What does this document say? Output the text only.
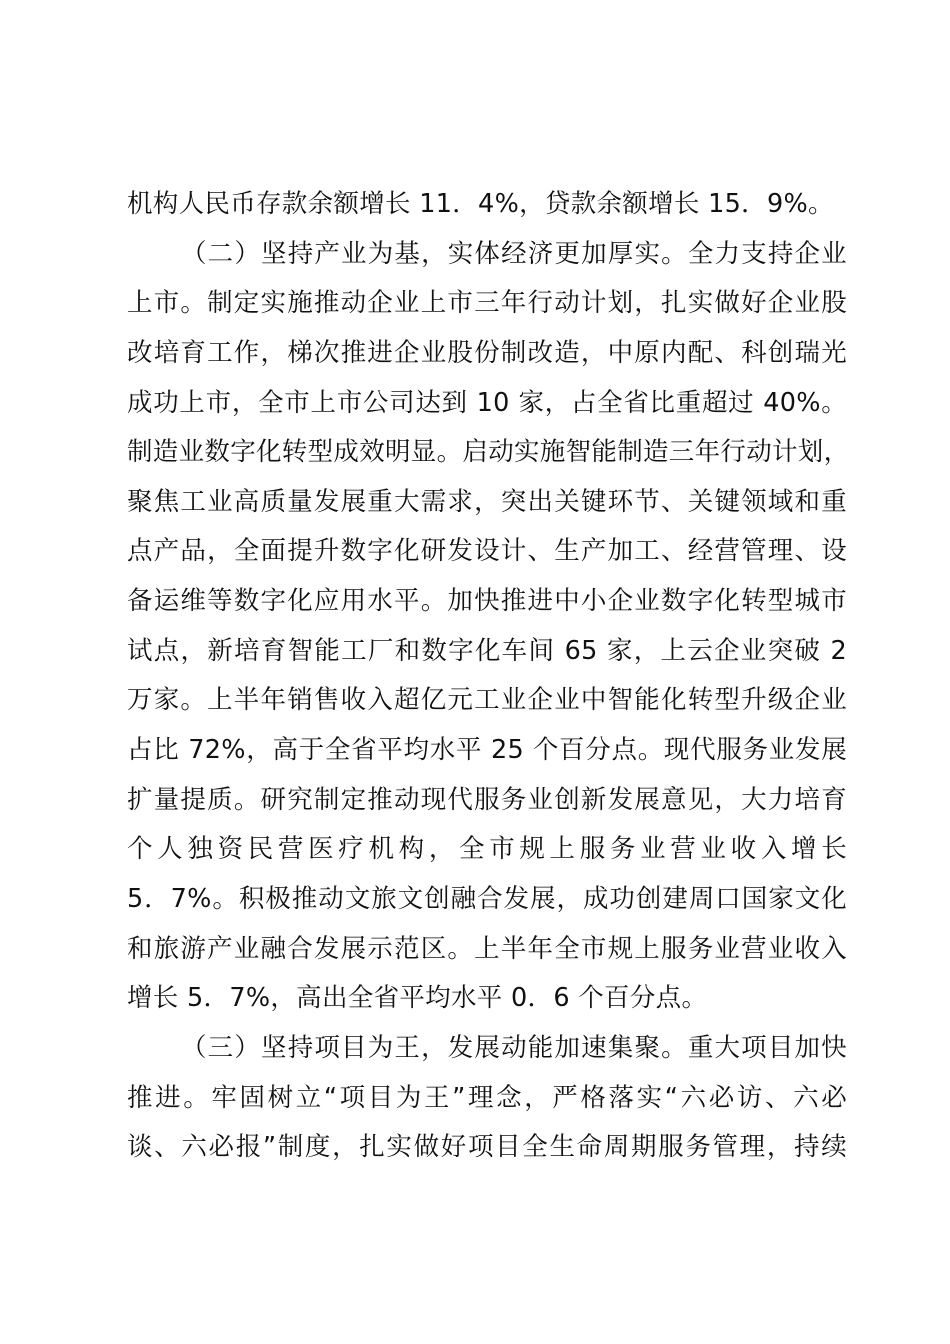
机构人民币存款余额增长 11．4%，贷款余额增长 15．9%。
（二）坚持产业为基，实体经济更加厚实。全力支持企业
上市。制定实施推动企业上市三年行动计划，扎实做好企业股
改培育工作，梯次推进企业股份制改造，中原内配、科创瑞光
成功上市，全市上市公司达到 10 家，占全省比重超过 40%。
制造业数字化转型成效明显。启动实施智能制造三年行动计划，
聚焦工业高质量发展重大需求，突出关键环节、关键领域和重
点产品，全面提升数字化研发设计、生产加工、经营管理、设
备运维等数字化应用水平。加快推进中小企业数字化转型城市
试点，新培育智能工厂和数字化车间 65 家，上云企业突破 2
万家。上半年销售收入超亿元工业企业中智能化转型升级企业
占比 72%，高于全省平均水平 25 个百分点。现代服务业发展
扩量提质。研究制定推动现代服务业创新发展意见，大力培育
个人独资民营医疗机构，全市规上服务业营业收入增长
5．7%。积极推动文旅文创融合发展，成功创建周口国家文化
和旅游产业融合发展示范区。上半年全市规上服务业营业收入
增长 5．7%，高出全省平均水平 0．6 个百分点。
（三）坚持项目为王，发展动能加速集聚。重大项目加快
推进。牢固树立“项目为王”理念，严格落实“六必访、六必
谈、六必报”制度，扎实做好项目全生命周期服务管理，持续
